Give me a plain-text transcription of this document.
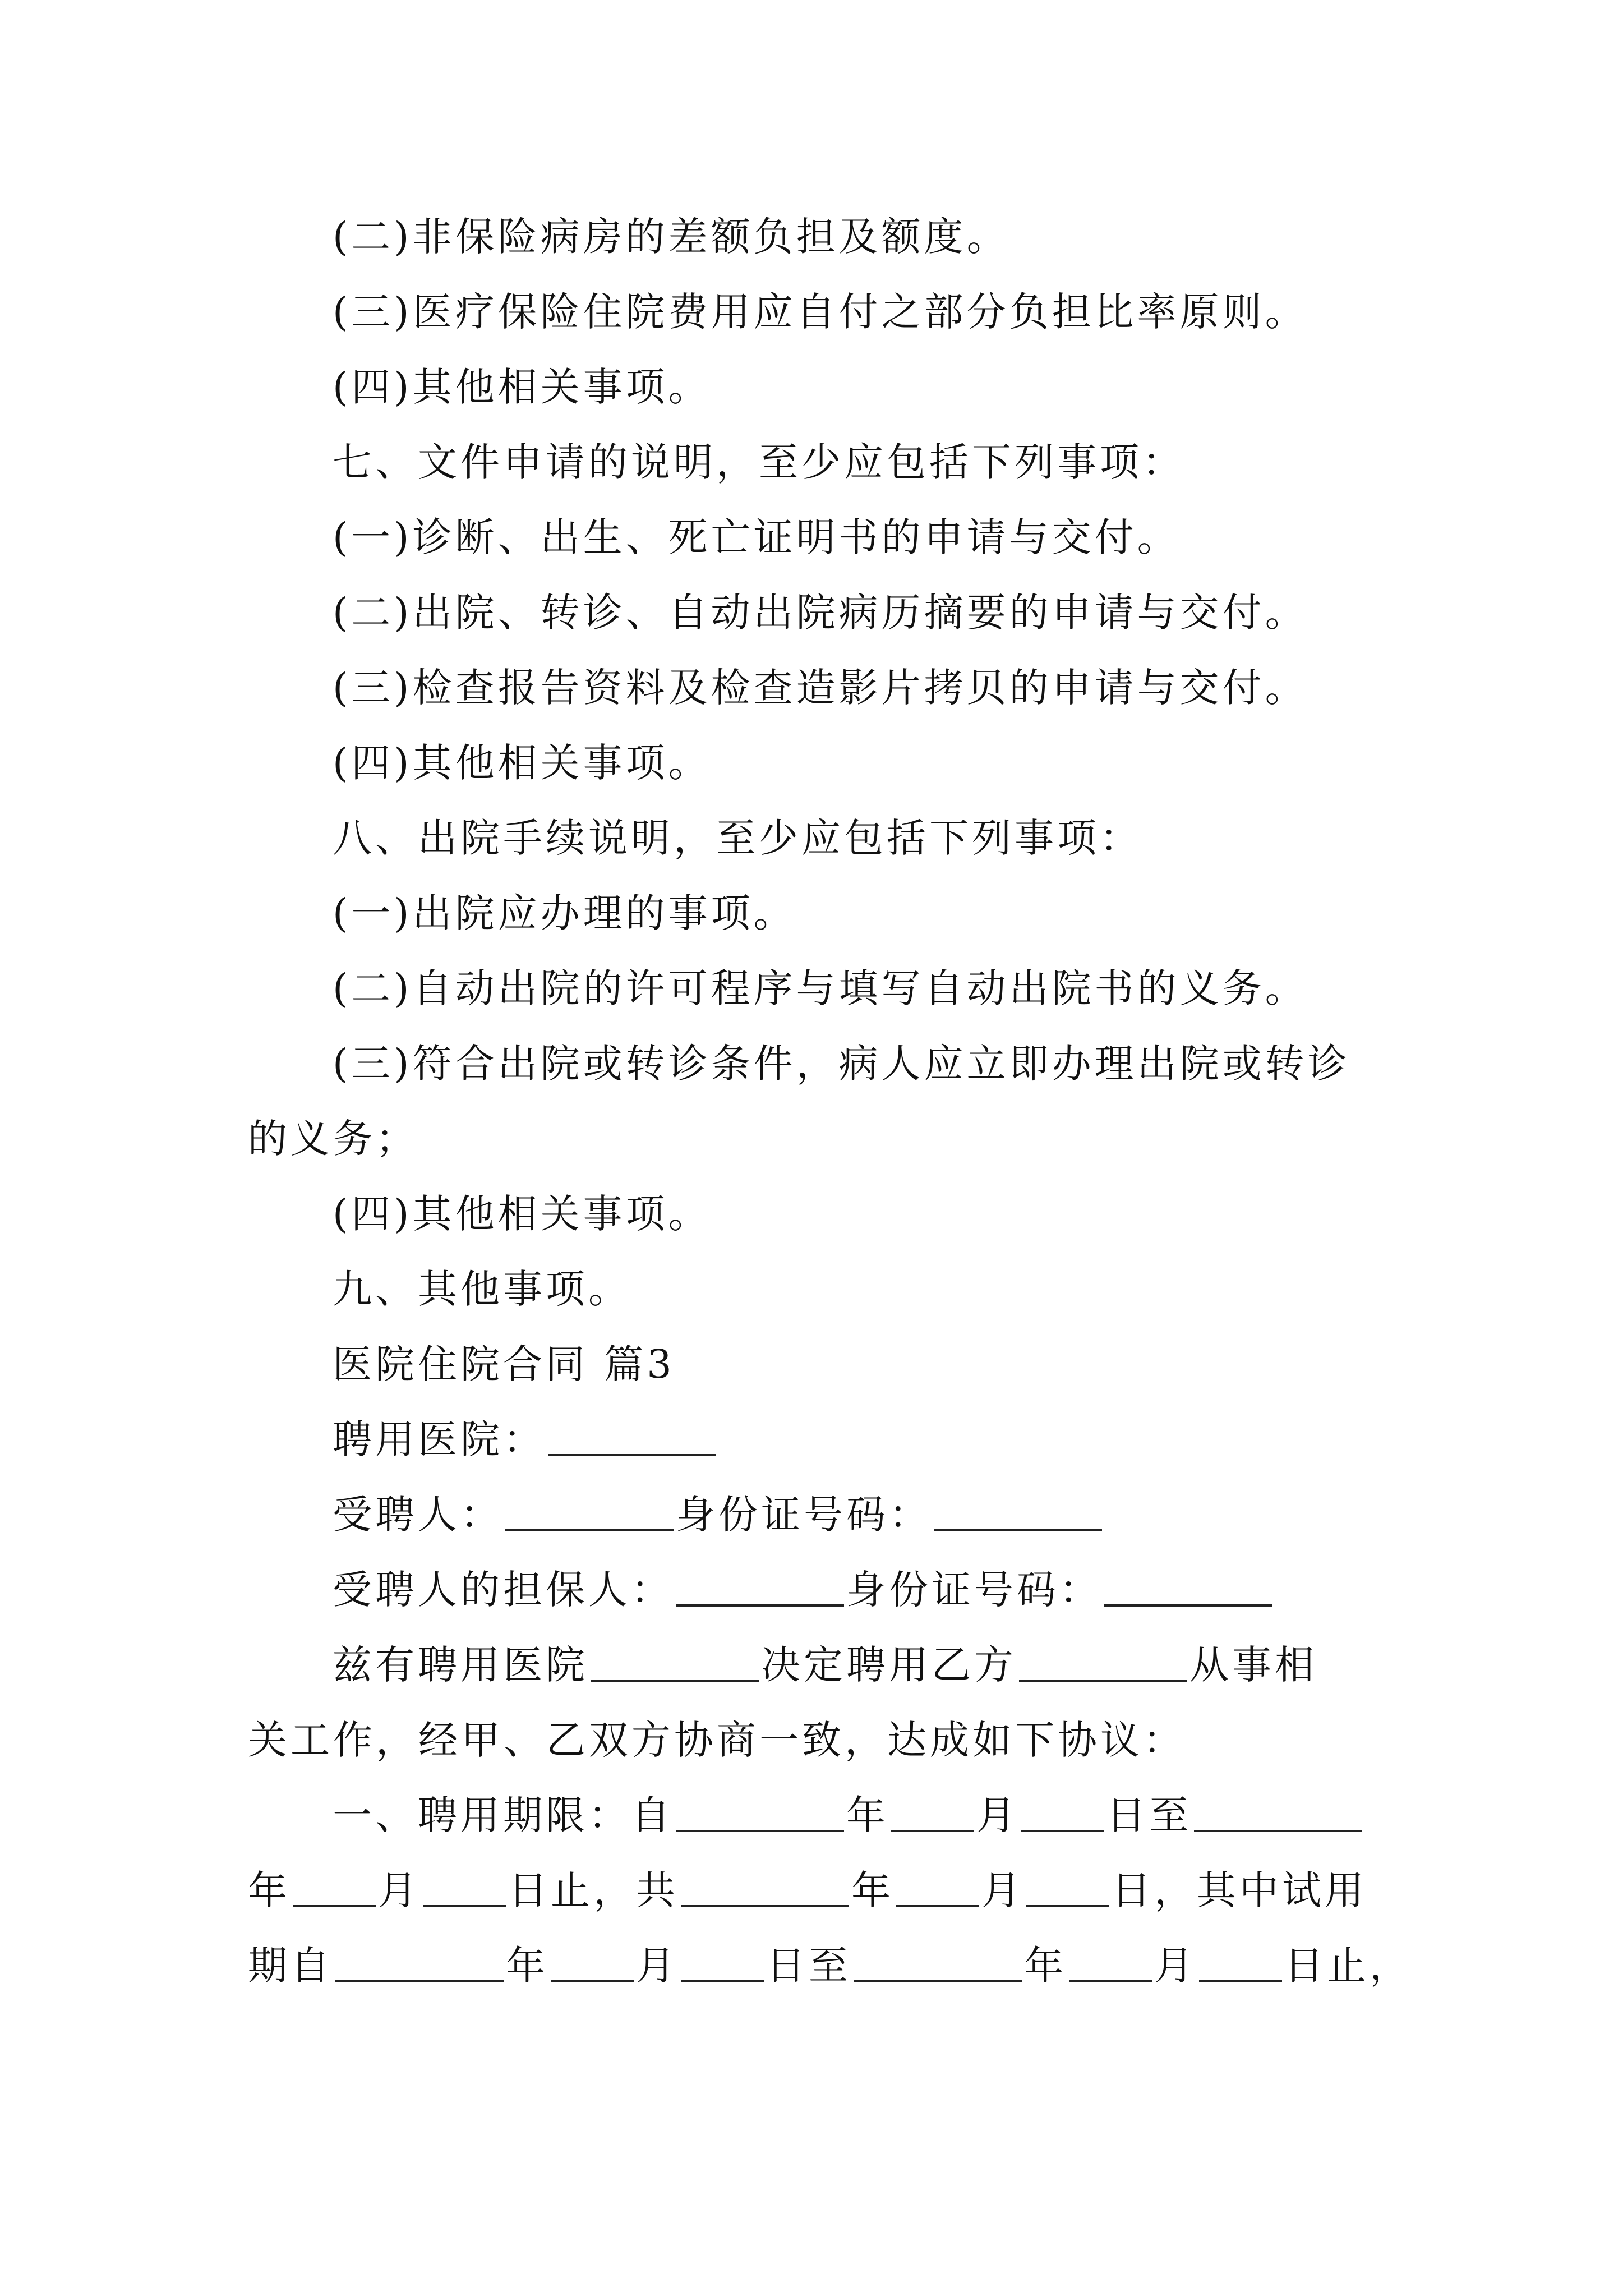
(二)非保险病房的差额负担及额度。
(三)医疗保险住院费用应自付之部分负担比率原则。
(四)其他相关事项。
七、文件申请的说明，至少应包括下列事项：
(一)诊断、出生、死亡证明书的申请与交付。
(二)出院、转诊、自动出院病历摘要的申请与交付。
(三)检查报告资料及检查造影片拷贝的申请与交付。
(四)其他相关事项。
八、出院手续说明，至少应包括下列事项：
(一)出院应办理的事项。
(二)自动出院的许可程序与填写自动出院书的义务。
(三)符合出院或转诊条件，病人应立即办理出院或转诊
的义务；
(四)其他相关事项。
九、其他事项。
医院住院合同 篇3
聘用医院：
受聘人：	身份证号码：
受聘人的担保人：	身份证号码：
兹有聘用医院	决定聘用乙方	从事相
关工作，经甲、乙双方协商一致，达成如下协议：
一、聘用期限：自	年 月 日至
年 月 日止，共	年 月 日，其中试用
期自	年 月 日至	年 月 日止，
